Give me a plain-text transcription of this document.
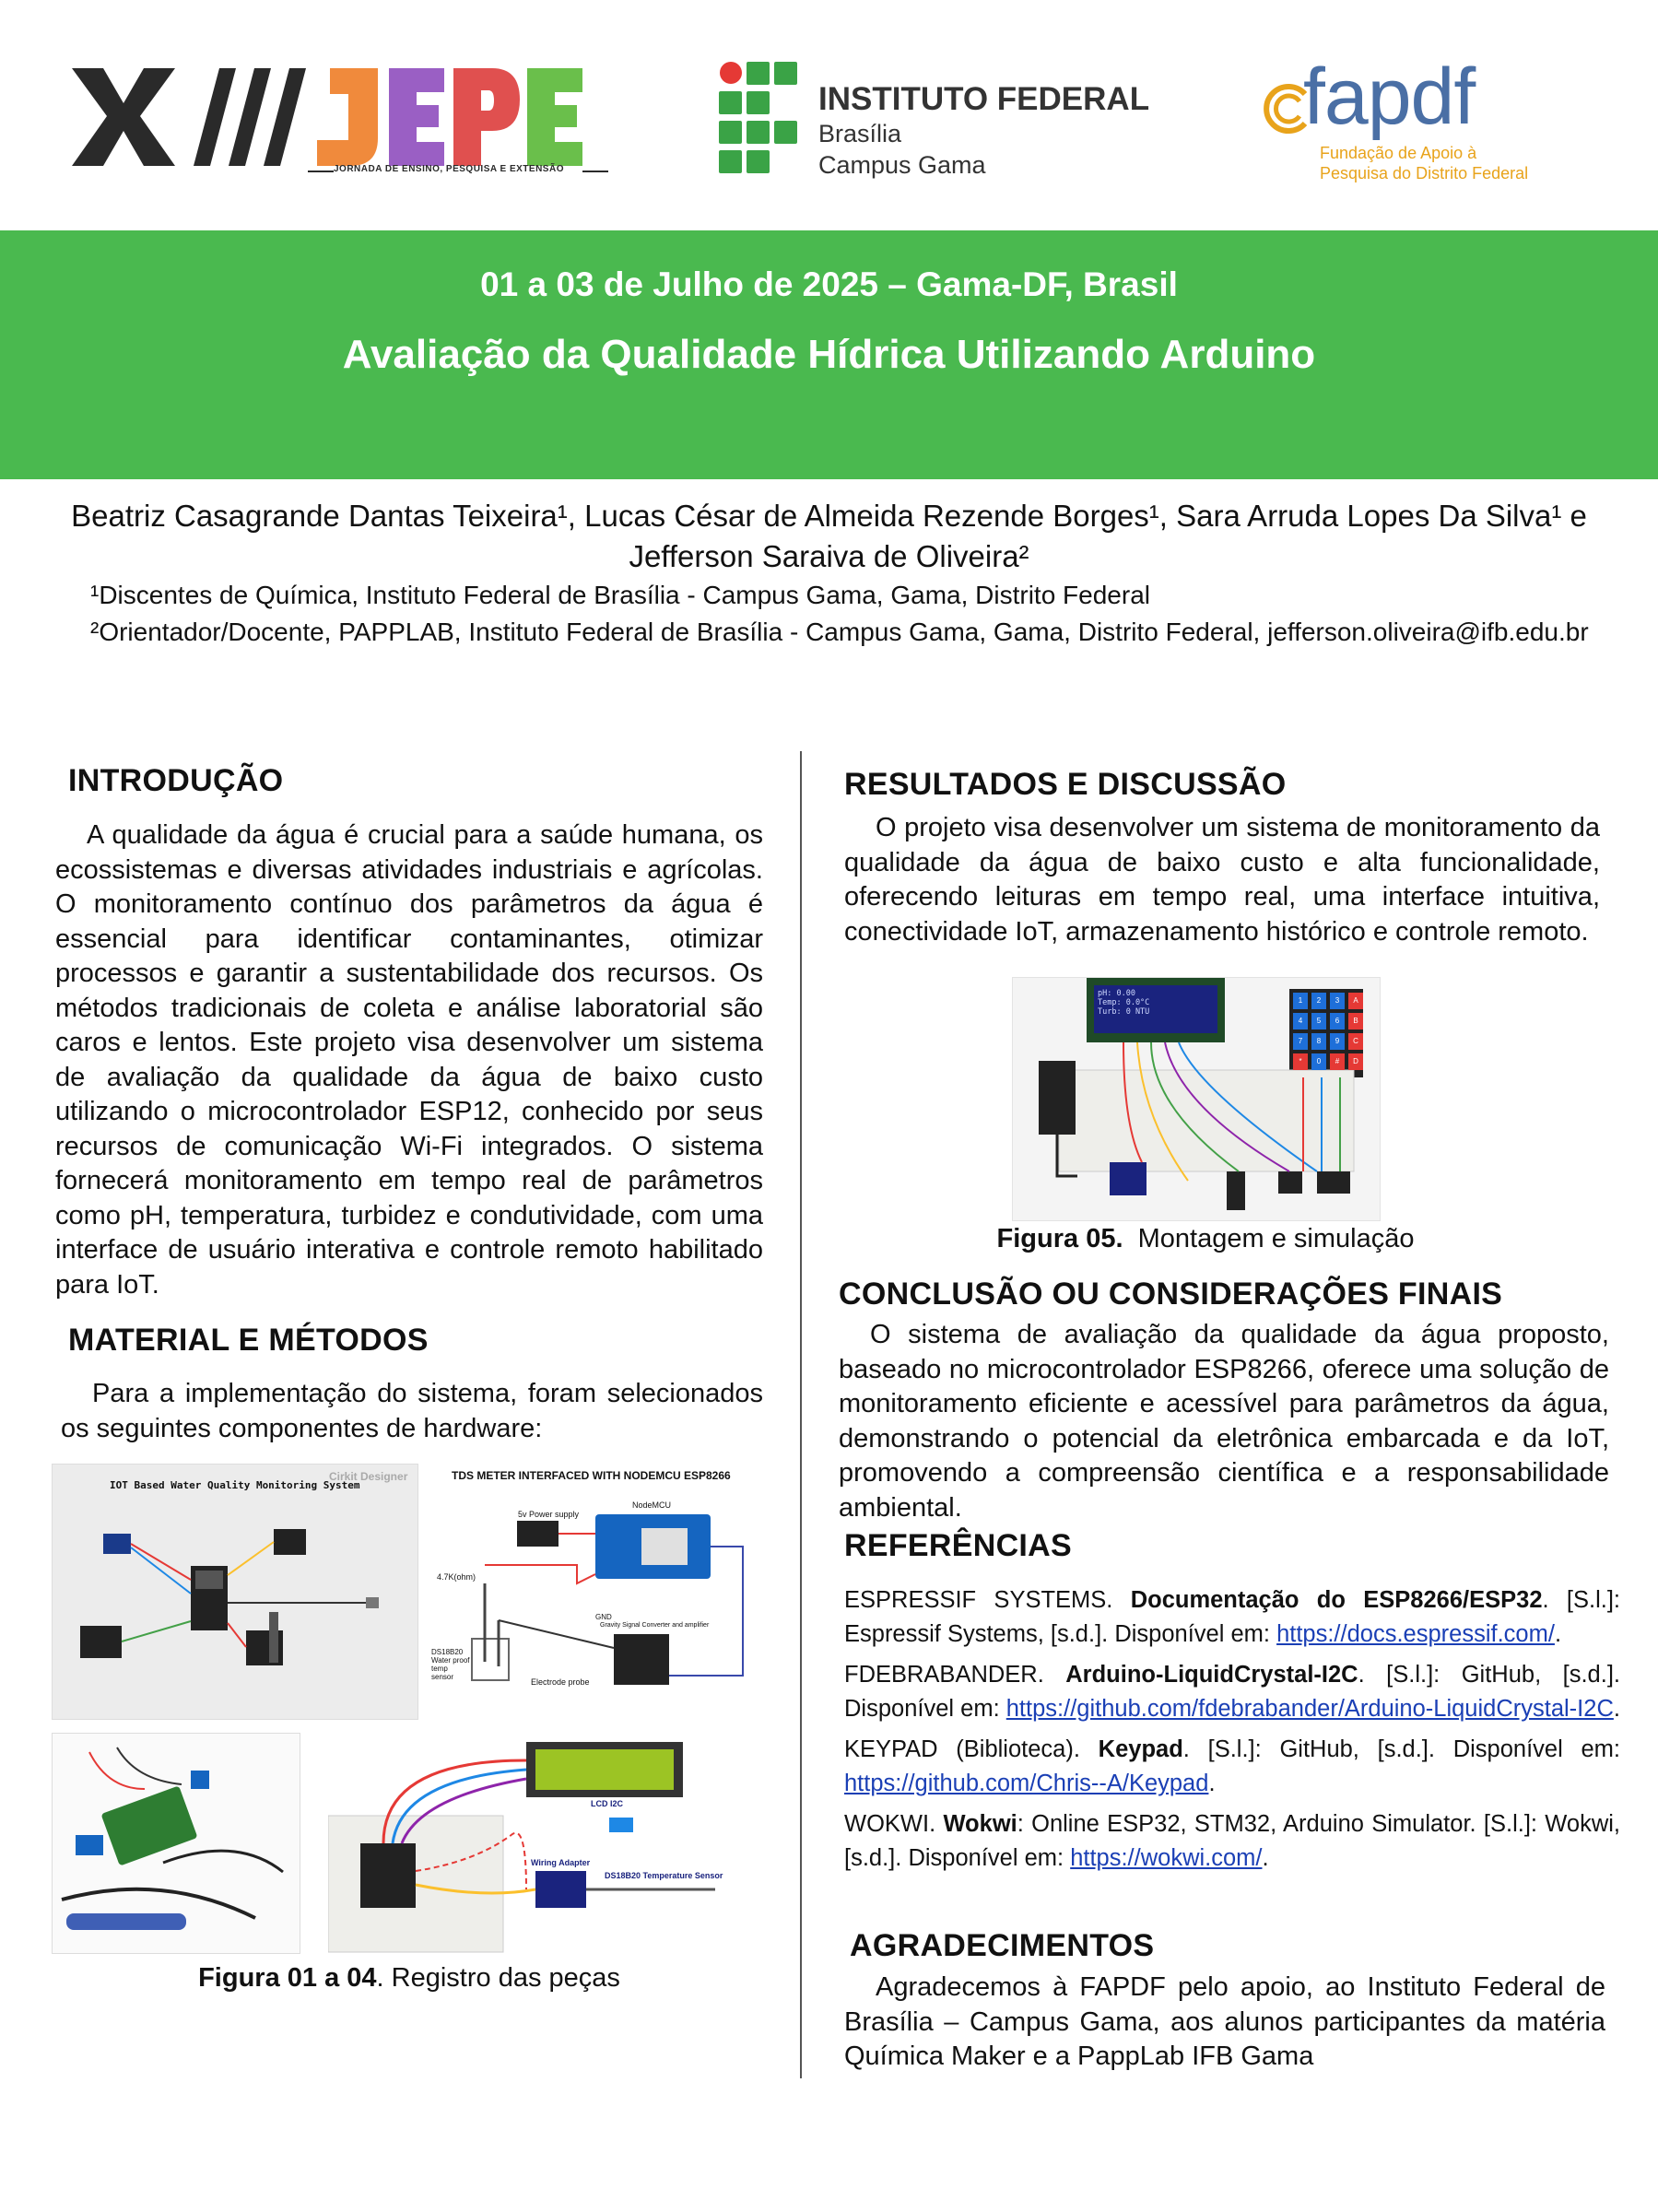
JORNADA DE ENSINO, PESQUISA E EXTENSÃO
INSTITUTO FEDERAL
Brasília
Campus Gama
fapdf
Fundação de Apoio à
Pesquisa do Distrito Federal
01 a 03 de Julho de 2025 – Gama-DF, Brasil
Avaliação da Qualidade Hídrica Utilizando Arduino
Beatriz Casagrande Dantas Teixeira¹, Lucas César de Almeida Rezende Borges¹, Sara Arruda Lopes Da Silva¹ e
Jefferson Saraiva de Oliveira²
¹Discentes de Química, Instituto Federal de Brasília - Campus Gama, Gama, Distrito Federal
²Orientador/Docente, PAPPLAB, Instituto Federal de Brasília - Campus Gama, Gama, Distrito Federal, jefferson.oliveira@ifb.edu.br
INTRODUÇÃO

A qualidade da água é crucial para a saúde humana, os ecossistemas e diversas atividades industriais e agrícolas. O monitoramento contínuo dos parâmetros da água é essencial para identificar contaminantes, otimizar processos e garantir a sustentabilidade dos recursos. Os métodos tradicionais de coleta e análise laboratorial são caros e lentos. Este projeto visa desenvolver um sistema de avaliação da qualidade da água de baixo custo utilizando o microcontrolador ESP12, conhecido por seus recursos de comunicação Wi-Fi integrados. O sistema fornecerá monitoramento em tempo real de parâmetros como pH, temperatura, turbidez e condutividade, com uma interface de usuário interativa e controle remoto habilitado para IoT.

MATERIAL E MÉTODOS

Para a implementação do sistema, foram selecionados os seguintes componentes de hardware:

IOT Based Water Quality Monitoring System
Cirkit Designer	TDS METER INTERFACED WITH NODEMCU ESP8266
5v Power supply
NodeMCU
4.7K(ohm)
DS18B20 Water proof temp sensor
Electrode probe
Gravity Signal Converter and amplifier
GND
LCD I2C
Wiring Adapter
DS18B20 Temperature Sensor
Figura 01 a 04. Registro das peças
RESULTADOS E DISCUSSÃO

O projeto visa desenvolver um sistema de monitoramento da qualidade da água de baixo custo e alta funcionalidade, oferecendo leituras em tempo real, uma interface intuitiva, conectividade IoT, armazenamento histórico e controle remoto.

pH: 0.00
Temp: 0.0°C
Turb: 0 NTU
1	2	3	A
4	5	6	B
7	8	9	C
*	0	#	D
Figura 05.  Montagem e simulação
CONCLUSÃO OU CONSIDERAÇÕES FINAIS

O sistema de avaliação da qualidade da água proposto, baseado no microcontrolador ESP8266, oferece uma solução de monitoramento eficiente e acessível para parâmetros da água, demonstrando o potencial da eletrônica embarcada e da IoT, promovendo a compreensão científica e a responsabilidade ambiental.

REFERÊNCIAS

ESPRESSIF SYSTEMS. Documentação do ESP8266/ESP32. [S.l.]: Espressif Systems, [s.d.]. Disponível em: https://docs.espressif.com/.

FDEBRABANDER. Arduino-LiquidCrystal-I2C. [S.l.]: GitHub, [s.d.]. Disponível em: https://github.com/fdebrabander/Arduino-LiquidCrystal-I2C.

KEYPAD (Biblioteca). Keypad. [S.l.]: GitHub, [s.d.]. Disponível em: https://github.com/Chris--A/Keypad.

WOKWI. Wokwi: Online ESP32, STM32, Arduino Simulator. [S.l.]: Wokwi, [s.d.]. Disponível em: https://wokwi.com/.

AGRADECIMENTOS

Agradecemos à FAPDF pelo apoio, ao Instituto Federal de Brasília – Campus Gama, aos alunos participantes da matéria Química Maker e a PappLab IFB Gama
